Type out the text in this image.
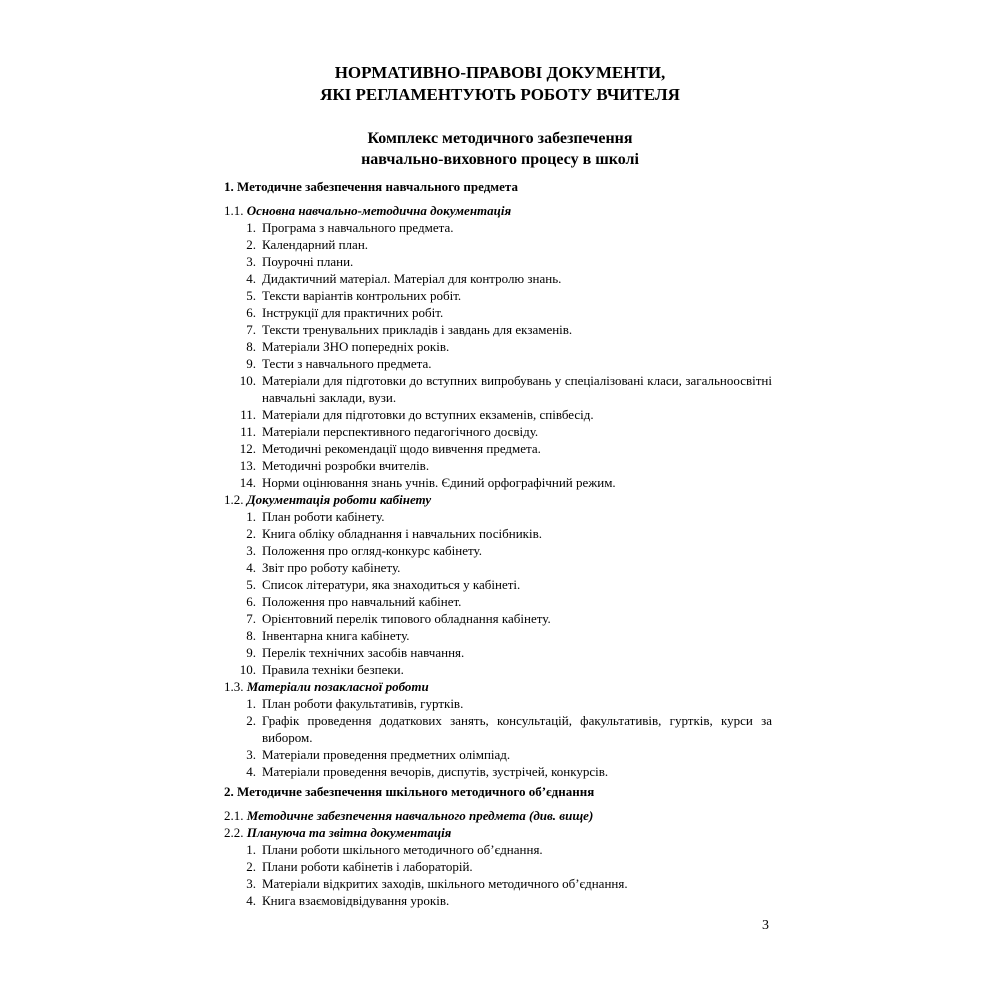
НОРМАТИВНО-ПРАВОВІ ДОКУМЕНТИ,
ЯКІ РЕГЛАМЕНТУЮТЬ РОБОТУ ВЧИТЕЛЯ
Комплекс методичного забезпечення
навчально-виховного процесу в школі

1. Методичне забезпечення навчального предмета

1.1. Основна навчально-методична документація

1. Програма з навчального предмета.
2. Календарний план.
3. Поурочні плани.
4. Дидактичний матеріал. Матеріал для контролю знань.
5. Тексти варіантів контрольних робіт.
6. Інструкції для практичних робіт.
7. Тексти тренувальних прикладів і завдань для екзаменів.
8. Матеріали ЗНО попередніх років.
9. Тести з навчального предмета.
10. Матеріали для підготовки до вступних випробувань у спеціалізовані класи, загальноосвітні навчальні заклади, вузи.
11. Матеріали для підготовки до вступних екзаменів, співбесід.
11. Матеріали перспективного педагогічного досвіду.
12. Методичні рекомендації щодо вивчення предмета.
13. Методичні розробки вчителів.
14. Норми оцінювання знань учнів. Єдиний орфографічний режим.

1.2. Документація роботи кабінету

1. План роботи кабінету.
2. Книга обліку обладнання і навчальних посібників.
3. Положення про огляд-конкурс кабінету.
4. Звіт про роботу кабінету.
5. Список літератури, яка знаходиться у кабінеті.
6. Положення про навчальний кабінет.
7. Орієнтовний перелік типового обладнання кабінету.
8. Інвентарна книга кабінету.
9. Перелік технічних засобів навчання.
10. Правила техніки безпеки.

1.3. Матеріали позакласної роботи

1. План роботи факультативів, гуртків.
2. Графік проведення додаткових занять, консультацій, факультативів, гуртків, курси за вибором.
3. Матеріали проведення предметних олімпіад.
4. Матеріали проведення вечорів, диспутів, зустрічей, конкурсів.

2. Методичне забезпечення шкільного методичного об’єднання

2.1. Методичне забезпечення навчального предмета (див. вище)

2.2. Плануюча та звітна документація

1. Плани роботи шкільного методичного об’єднання.
2. Плани роботи кабінетів і лабораторій.
3. Матеріали відкритих заходів, шкільного методичного об’єднання.
4. Книга взаємовідвідування уроків.
3
